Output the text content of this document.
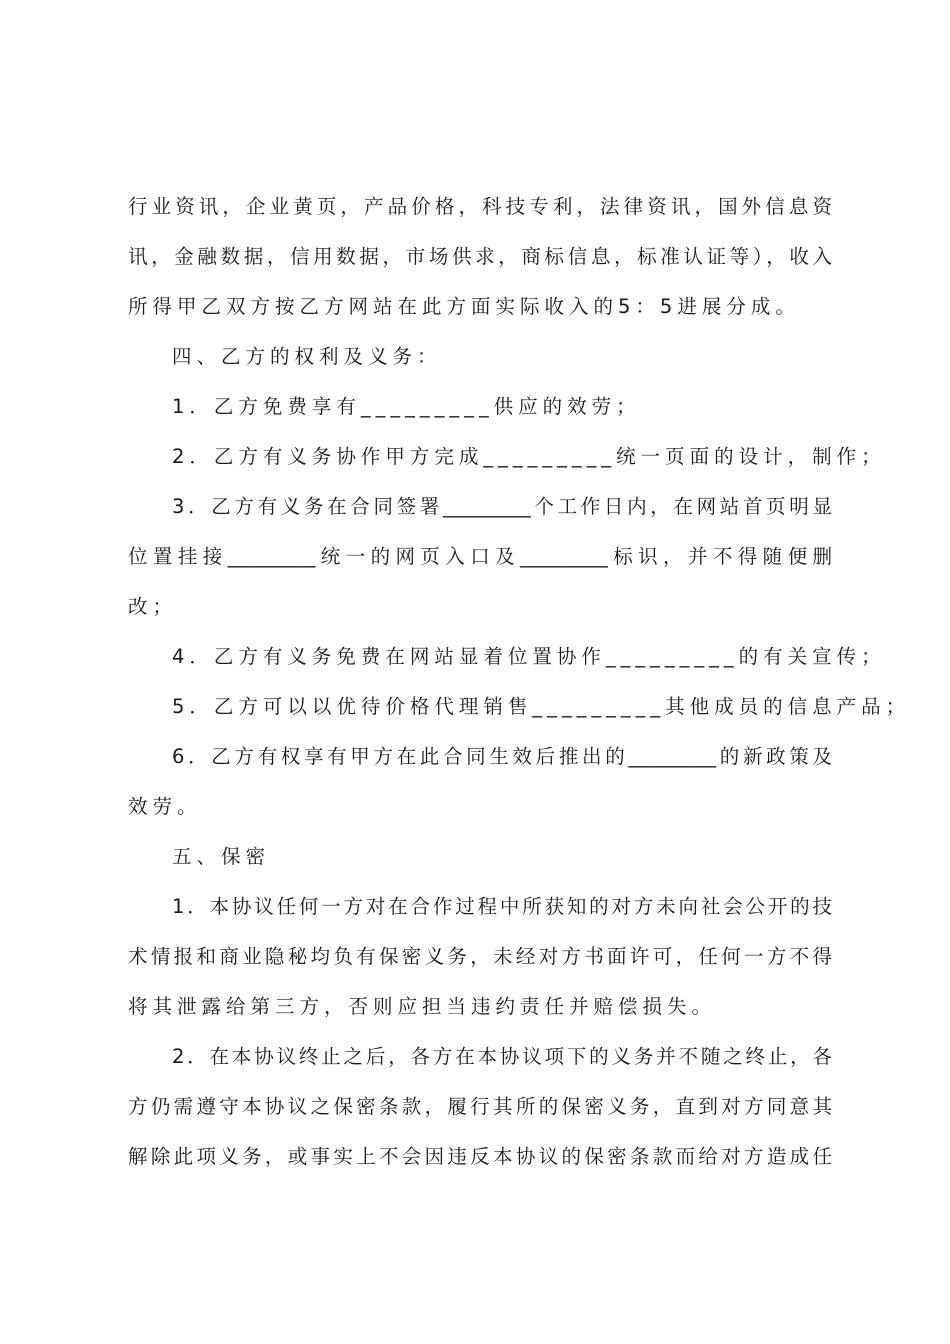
行业资讯，企业黄页，产品价格，科技专利，法律资讯，国外信息资
讯，金融数据，信用数据，市场供求，商标信息，标准认证等），收入
所得甲乙双方按乙方网站在此方面实际收入的5：5进展分成。
四、乙方的权利及义务：
1．乙方免费享有_________供应的效劳；
2．乙方有义务协作甲方完成_________统一页面的设计，制作；
3．乙方有义务在合同签署_________个工作日内，在网站首页明显
位置挂接_________统一的网页入口及_________标识，并不得随便删
改；
4．乙方有义务免费在网站显着位置协作_________的有关宣传；
5．乙方可以以优待价格代理销售_________其他成员的信息产品；
6．乙方有权享有甲方在此合同生效后推出的_________的新政策及
效劳。
五、保密
1．本协议任何一方对在合作过程中所获知的对方未向社会公开的技
术情报和商业隐秘均负有保密义务，未经对方书面许可，任何一方不得
将其泄露给第三方，否则应担当违约责任并赔偿损失。
2．在本协议终止之后，各方在本协议项下的义务并不随之终止，各
方仍需遵守本协议之保密条款，履行其所的保密义务，直到对方同意其
解除此项义务，或事实上不会因违反本协议的保密条款而给对方造成任
